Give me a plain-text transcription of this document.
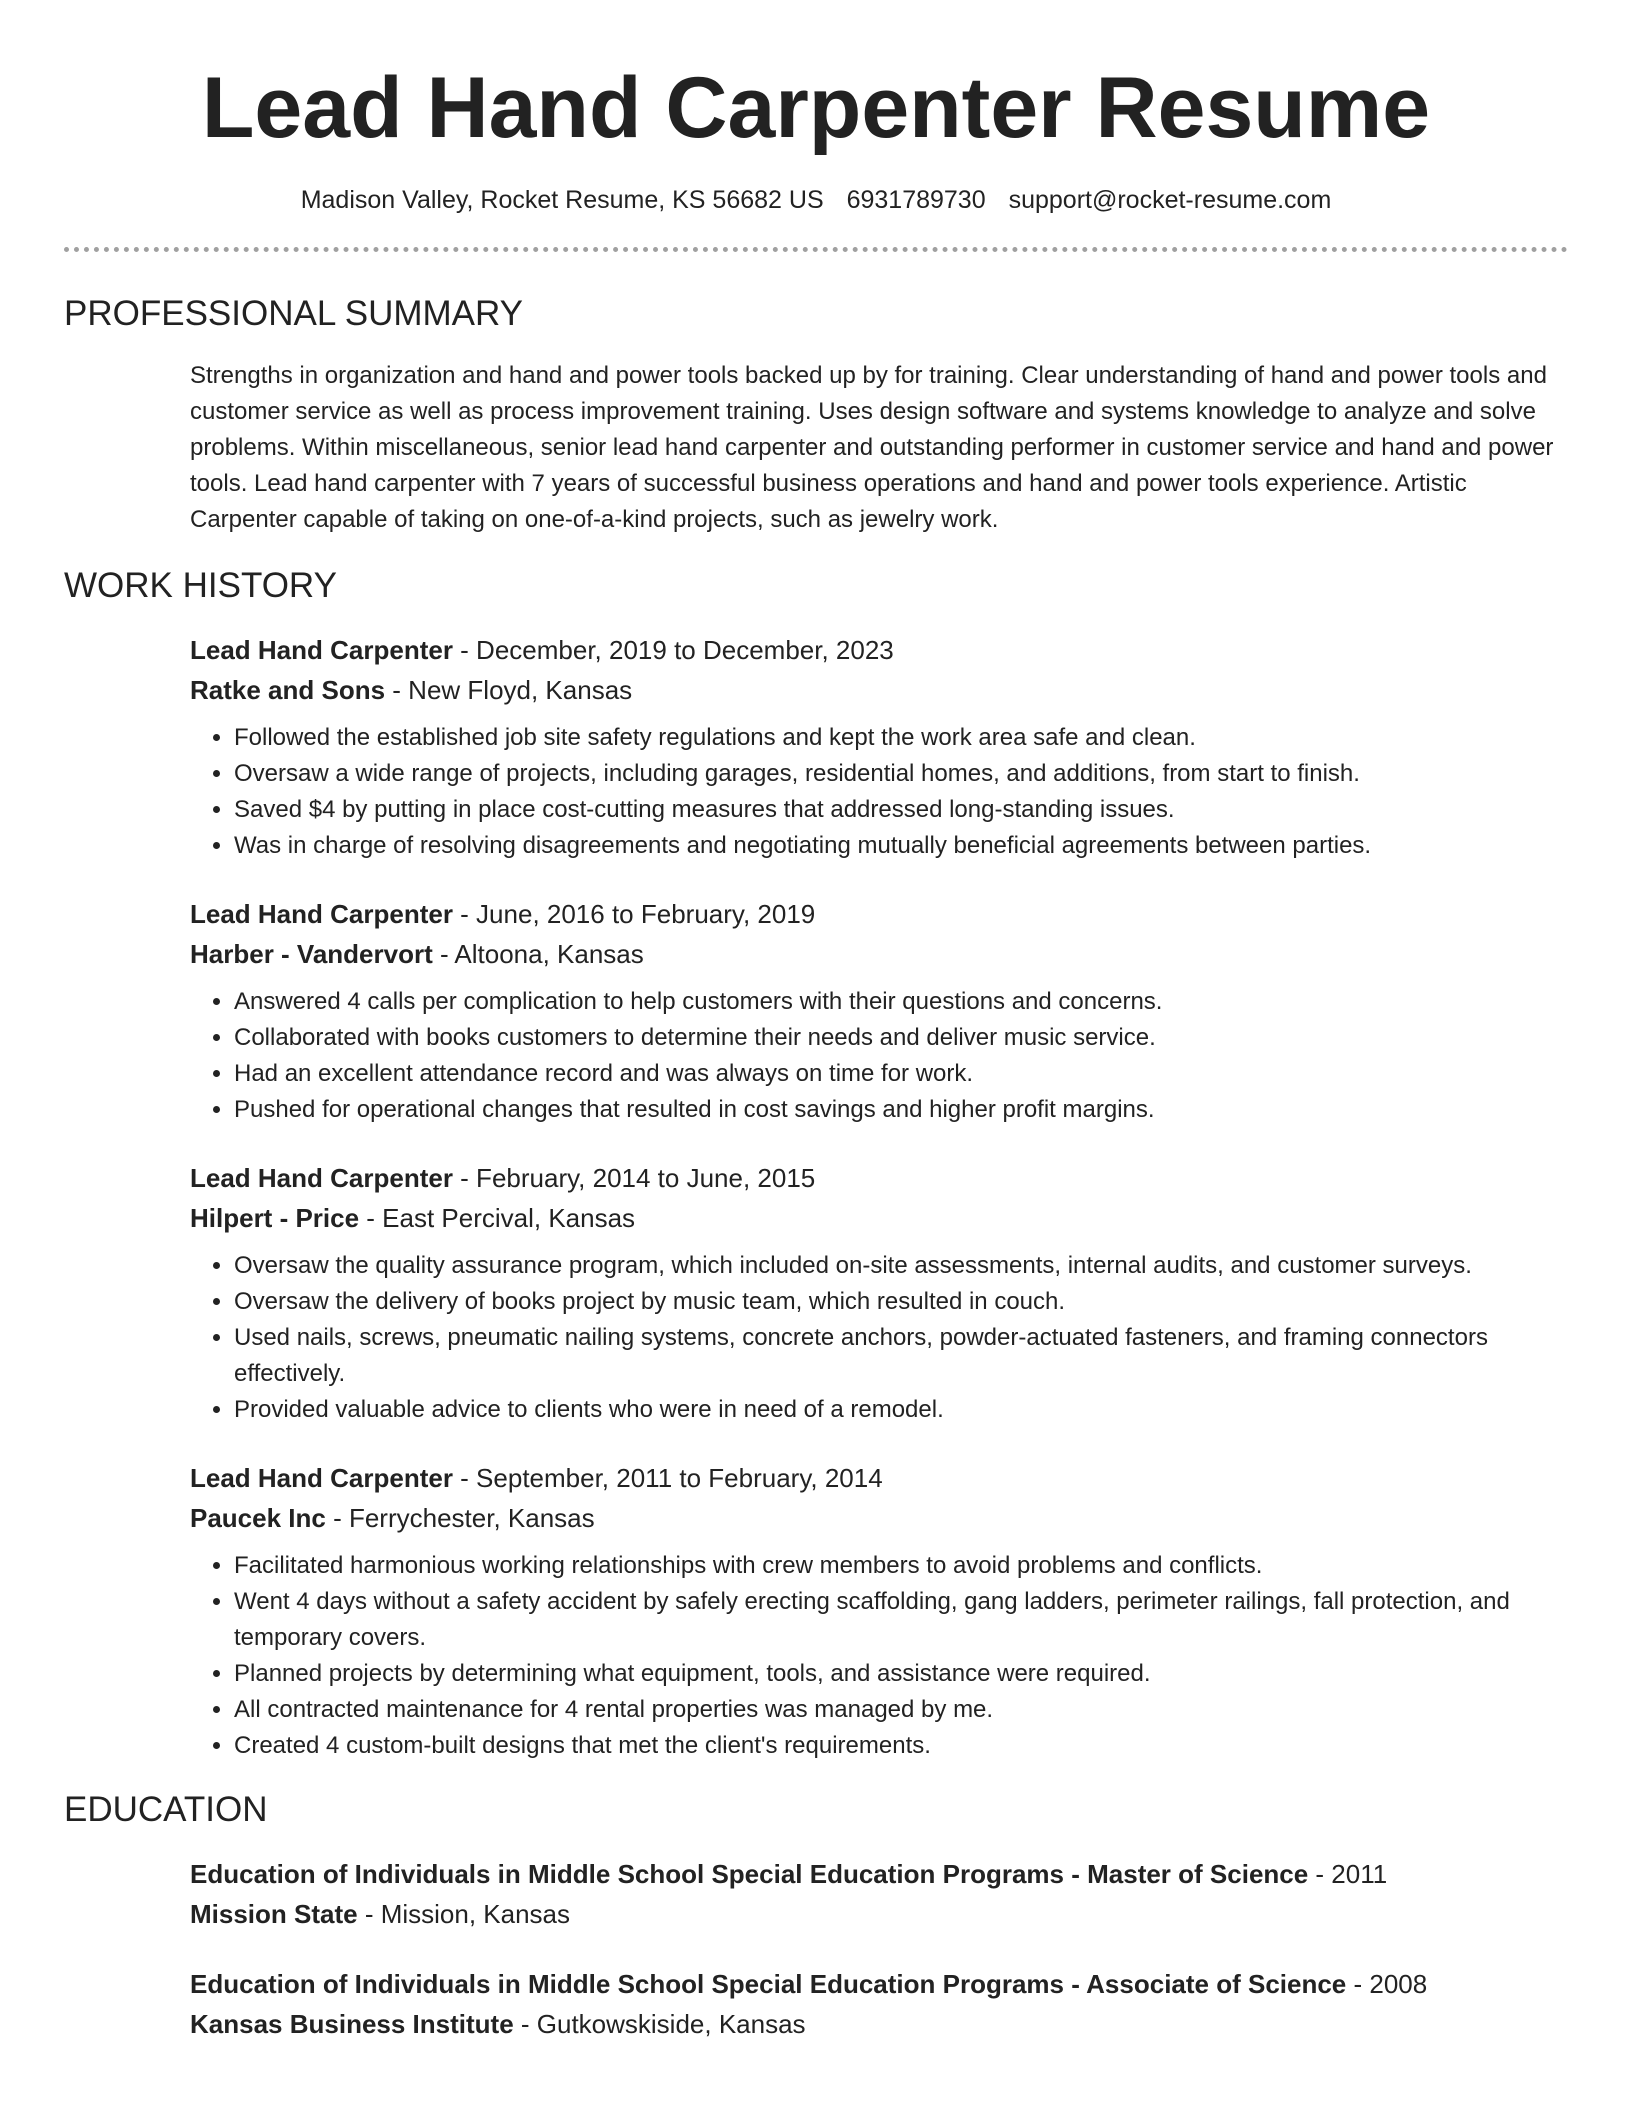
Lead Hand Carpenter Resume
Madison Valley, Rocket Resume, KS 56682 US 6931789730 support@rocket-resume.com
PROFESSIONAL SUMMARY
Strengths in organization and hand and power tools backed up by for training. Clear understanding of hand and power tools and customer service as well as process improvement training. Uses design software and systems knowledge to analyze and solve problems. Within miscellaneous, senior lead hand carpenter and outstanding performer in customer service and hand and power tools. Lead hand carpenter with 7 years of successful business operations and hand and power tools experience. Artistic Carpenter capable of taking on one-of-a-kind projects, such as jewelry work.
WORK HISTORY
Lead Hand Carpenter - December, 2019 to December, 2023
Ratke and Sons - New Floyd, Kansas
• Followed the established job site safety regulations and kept the work area safe and clean.
• Oversaw a wide range of projects, including garages, residential homes, and additions, from start to finish.
• Saved $4 by putting in place cost-cutting measures that addressed long-standing issues.
• Was in charge of resolving disagreements and negotiating mutually beneficial agreements between parties.
Lead Hand Carpenter - June, 2016 to February, 2019
Harber - Vandervort - Altoona, Kansas
• Answered 4 calls per complication to help customers with their questions and concerns.
• Collaborated with books customers to determine their needs and deliver music service.
• Had an excellent attendance record and was always on time for work.
• Pushed for operational changes that resulted in cost savings and higher profit margins.
Lead Hand Carpenter - February, 2014 to June, 2015
Hilpert - Price - East Percival, Kansas
• Oversaw the quality assurance program, which included on-site assessments, internal audits, and customer surveys.
• Oversaw the delivery of books project by music team, which resulted in couch.
• Used nails, screws, pneumatic nailing systems, concrete anchors, powder-actuated fasteners, and framing connectors effectively.
• Provided valuable advice to clients who were in need of a remodel.
Lead Hand Carpenter - September, 2011 to February, 2014
Paucek Inc - Ferrychester, Kansas
• Facilitated harmonious working relationships with crew members to avoid problems and conflicts.
• Went 4 days without a safety accident by safely erecting scaffolding, gang ladders, perimeter railings, fall protection, and temporary covers.
• Planned projects by determining what equipment, tools, and assistance were required.
• All contracted maintenance for 4 rental properties was managed by me.
• Created 4 custom-built designs that met the client's requirements.
EDUCATION
Education of Individuals in Middle School Special Education Programs - Master of Science - 2011
Mission State - Mission, Kansas
Education of Individuals in Middle School Special Education Programs - Associate of Science - 2008
Kansas Business Institute - Gutkowskiside, Kansas
